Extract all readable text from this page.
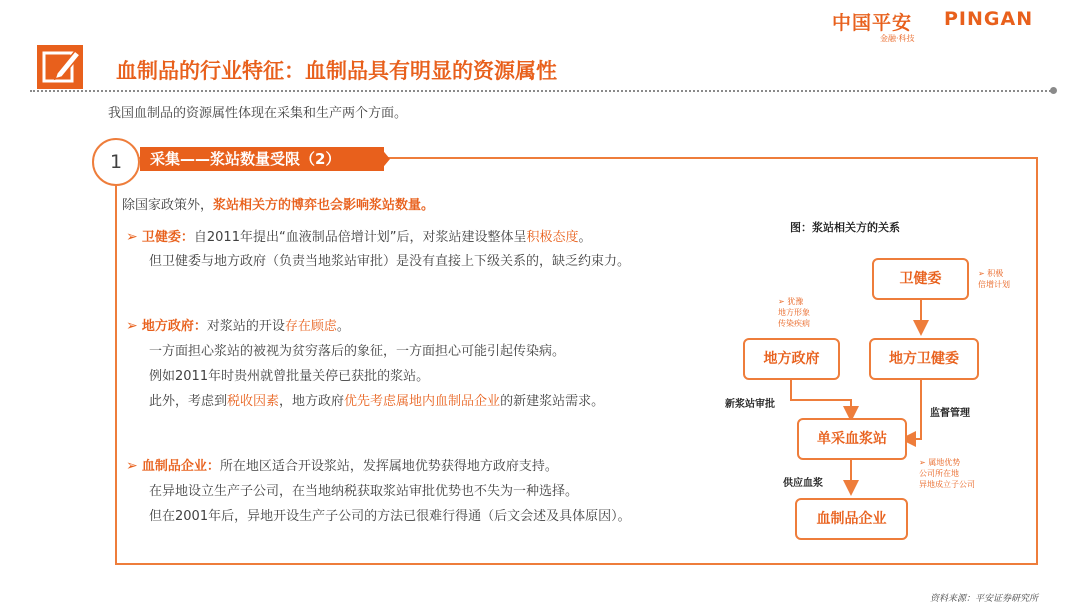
中国平安 PINGAN
金融·科技
血制品的行业特征：血制品具有明显的资源属性
我国血制品的资源属性体现在采集和生产两个方面。
1	采集——浆站数量受限（2）
除国家政策外，浆站相关方的博弈也会影响浆站数量。
➢ 卫健委：自2011年提出“血液制品倍增计划”后，对浆站建设整体呈积极态度。
但卫健委与地方政府（负责当地浆站审批）是没有直接上下级关系的，缺乏约束力。
➢ 地方政府：对浆站的开设存在顾虑。
一方面担心浆站的被视为贫穷落后的象征，一方面担心可能引起传染病。
例如2011年时贵州就曾批量关停已获批的浆站。
此外，考虑到税收因素，地方政府优先考虑属地内血制品企业的新建浆站需求。
➢ 血制品企业：所在地区适合开设浆站，发挥属地优势获得地方政府支持。
在异地设立生产子公司，在当地纳税获取浆站审批优势也不失为一种选择。
但在2001年后，异地开设生产子公司的方法已很难行得通（后文会述及具体原因）。
图：浆站相关方的关系
卫健委
地方政府	地方卫健委
单采血浆站
血制品企业
➢ 积极
倍增计划
➢ 犹豫
地方形象
传染疾病
➢ 属地优势
公司所在地
异地成立子公司
新浆站审批
监督管理
供应血浆
资料来源：平安证券研究所
